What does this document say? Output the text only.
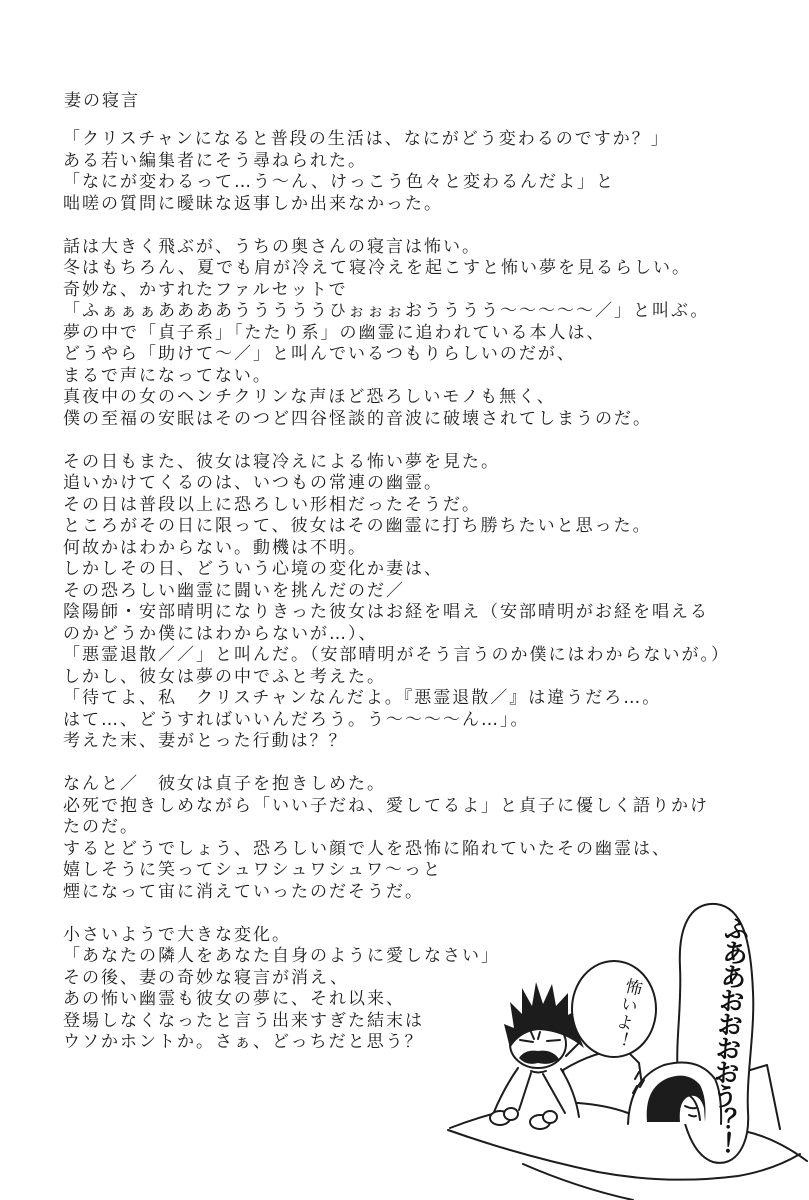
妻の寝言
「クリスチャンになると普段の生活は、なにがどう変わるのですか？」
ある若い編集者にそう尋ねられた。
「なにが変わるって…う～ん、けっこう色々と変わるんだよ」と
咄嗟の質問に曖昧な返事しか出来なかった。
話は大きく飛ぶが、うちの奥さんの寝言は怖い。
冬はもちろん、夏でも肩が冷えて寝冷えを起こすと怖い夢を見るらしい。
奇妙な、かすれたファルセットで
「ふぁぁぁああああうううううひぉぉぉおうううう～～～～～／」と叫ぶ。
夢の中で「貞子系」「たたり系」の幽霊に追われている本人は、
どうやら「助けて～／」と叫んでいるつもりらしいのだが、
まるで声になってない。
真夜中の女のヘンチクリンな声ほど恐ろしいモノも無く、
僕の至福の安眠はそのつど四谷怪談的音波に破壊されてしまうのだ。
その日もまた、彼女は寝冷えによる怖い夢を見た。
追いかけてくるのは、いつもの常連の幽霊。
その日は普段以上に恐ろしい形相だったそうだ。
ところがその日に限って、彼女はその幽霊に打ち勝ちたいと思った。
何故かはわからない。動機は不明。
しかしその日、どういう心境の変化か妻は、
その恐ろしい幽霊に闘いを挑んだのだ／
陰陽師・安部晴明になりきった彼女はお経を唱え（安部晴明がお経を唱える
のかどうか僕にはわからないが…）、
「悪霊退散／／」と叫んだ。（安部晴明がそう言うのか僕にはわからないが。）
しかし、彼女は夢の中でふと考えた。
「待てよ、私　クリスチャンなんだよ。『悪霊退散／』は違うだろ…。
はて…、どうすればいいんだろう。う～～～～ん…」。
考えた末、妻がとった行動は？？
なんと／　彼女は貞子を抱きしめた。
必死で抱きしめながら「いい子だね、愛してるよ」と貞子に優しく語りかけ
たのだ。
するとどうでしょう、恐ろしい顔で人を恐怖に陥れていたその幽霊は、
嬉しそうに笑ってシュワシュワシュワ～っと
煙になって宙に消えていったのだそうだ。
小さいようで大きな変化。
「あなたの隣人をあなた自身のように愛しなさい」
その後、妻の奇妙な寝言が消え、
あの怖い幽霊も彼女の夢に、それ以来、
登場しなくなったと言う出来すぎた結末は
ウソかホントか。さぁ、どっちだと思う？	ふああおおおおう？！
怖いよ！
